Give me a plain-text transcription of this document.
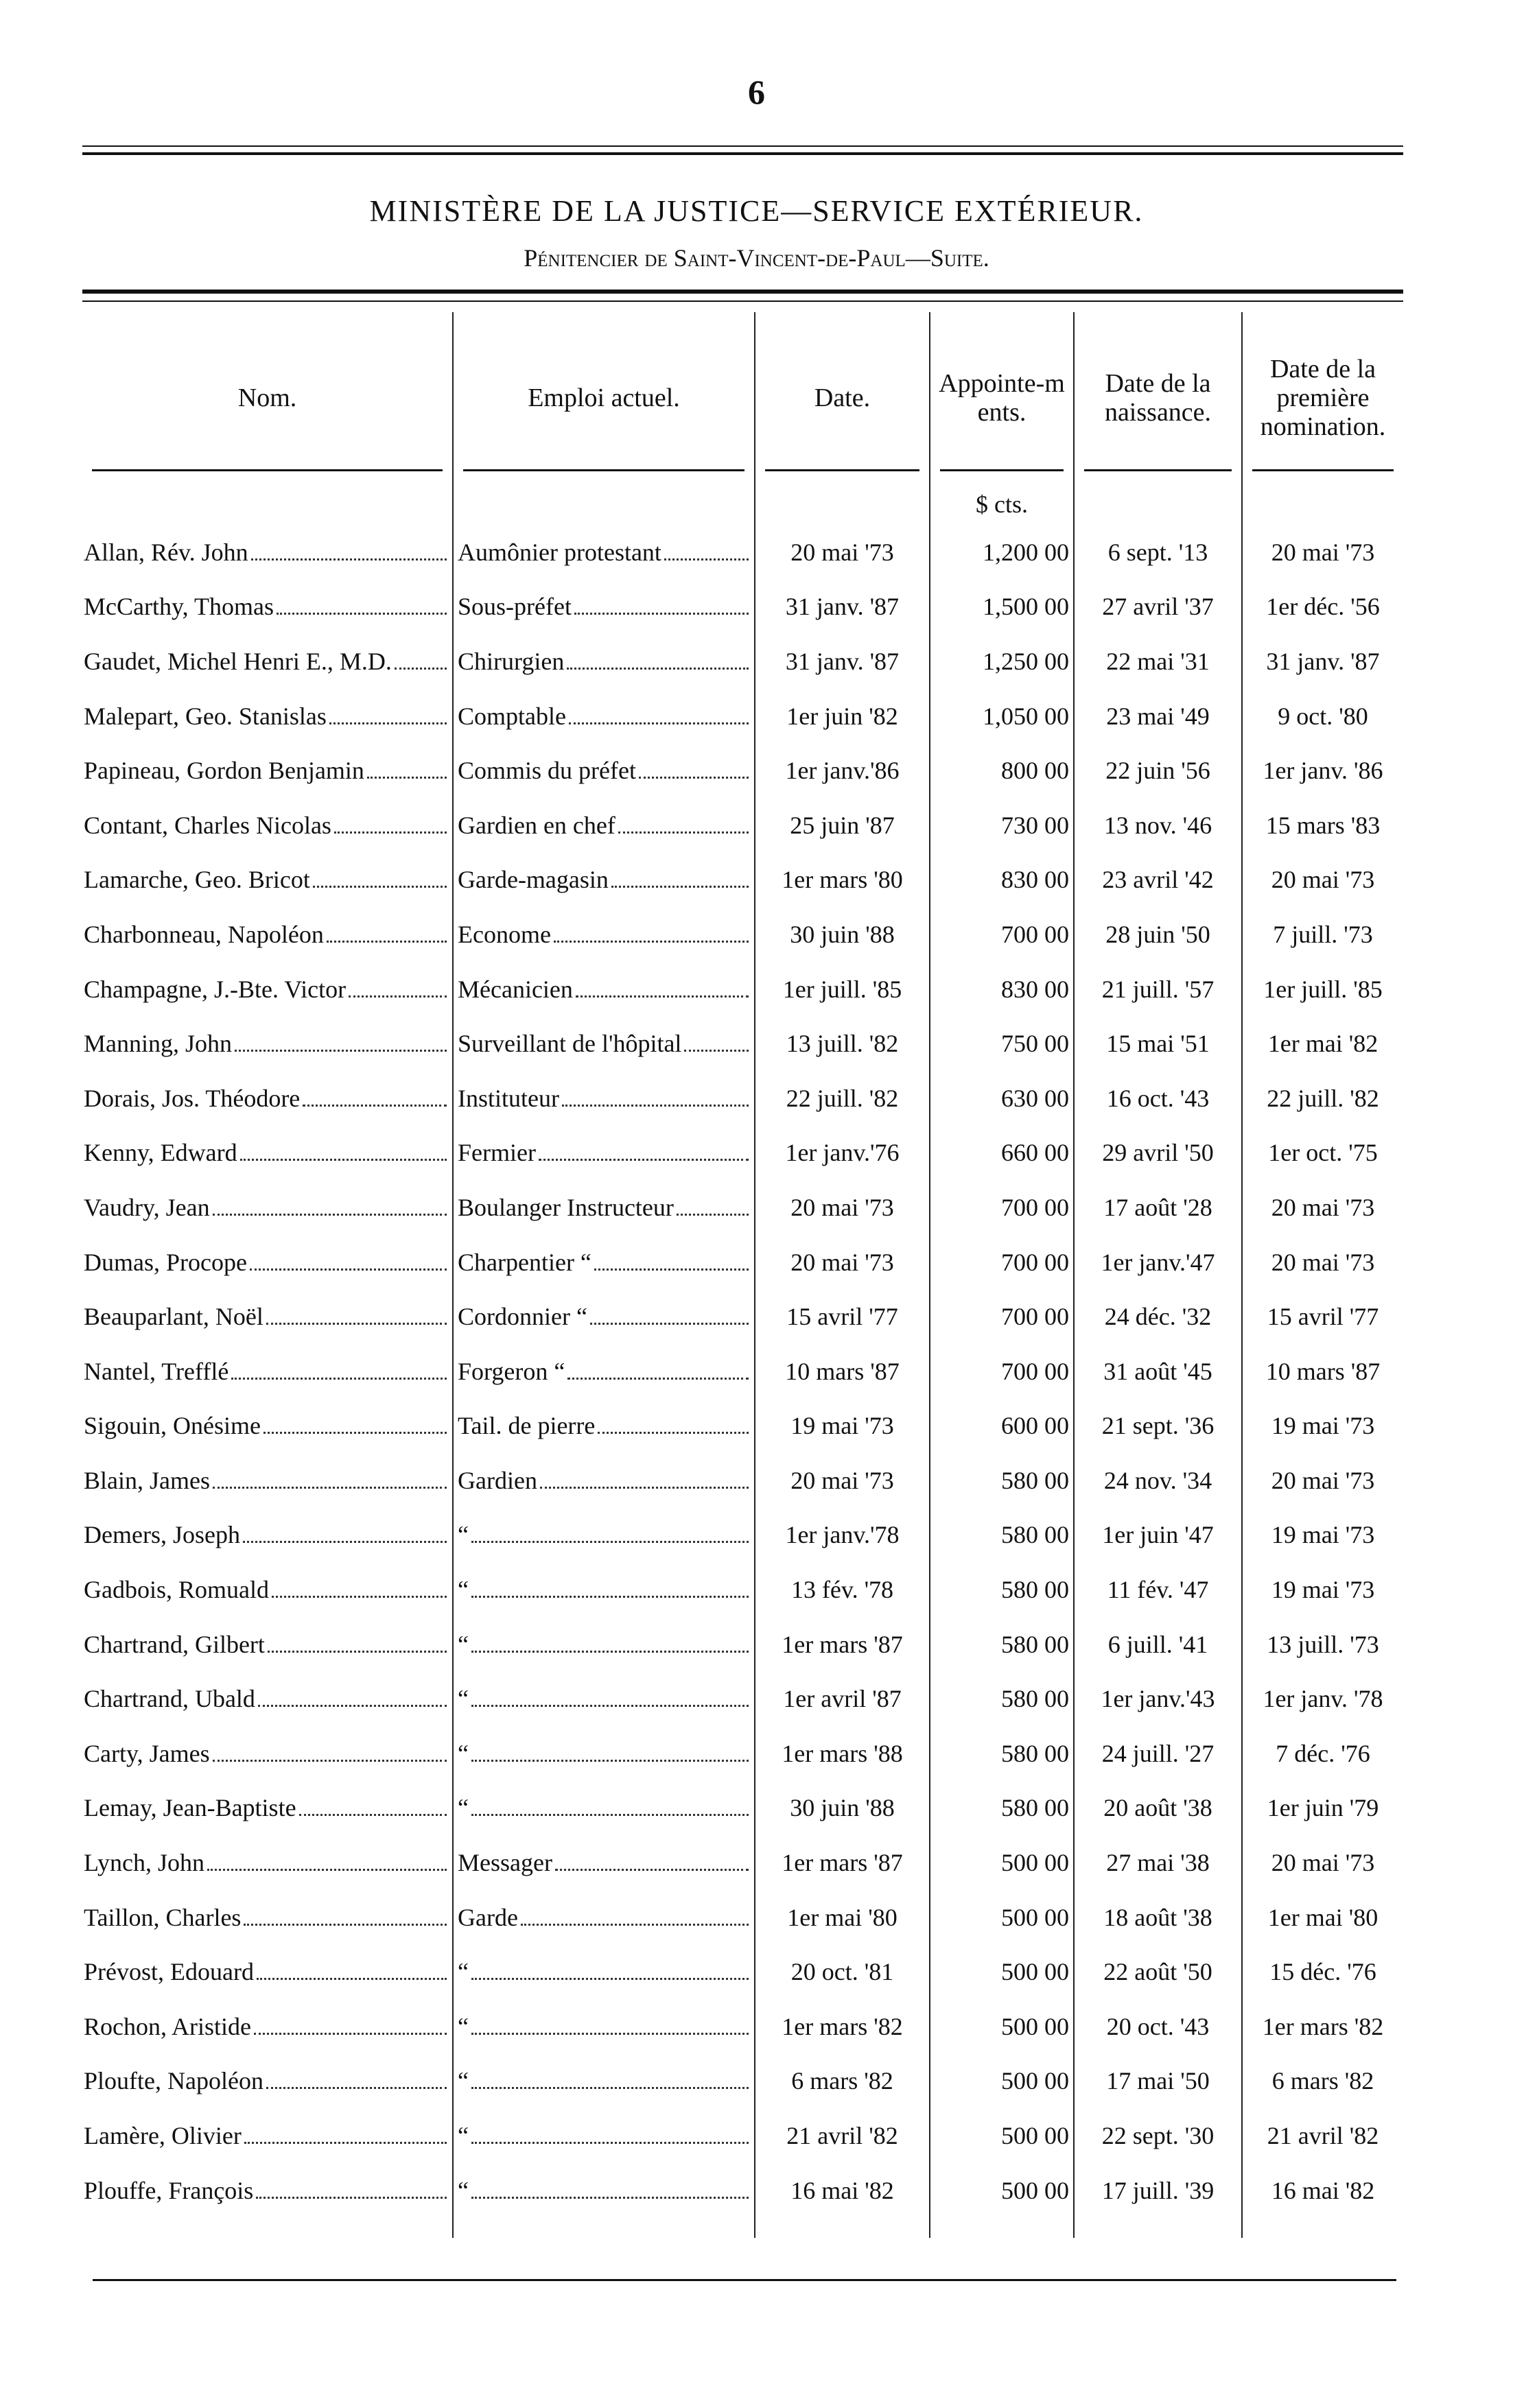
6
MINISTÈRE DE LA JUSTICE—SERVICE EXTÉRIEUR.
Pénitencier de Saint-Vincent-de-Paul—Suite.
Nom.	Emploi actuel.	Date.	Appointe-m ents.	Date de la naissance.	Date de la première nomination.

			$ cts.		

Allan, Rév. John	Aumônier protestant	20 mai '73	1,200 00	6 sept. '13	20 mai '73

McCarthy, Thomas	Sous-préfet	31 janv. '87	1,500 00	27 avril '37	1er déc. '56

Gaudet, Michel Henri E., M.D.	Chirurgien	31 janv. '87	1,250 00	22 mai '31	31 janv. '87

Malepart, Geo. Stanislas	Comptable	1er juin '82	1,050 00	23 mai '49	9 oct. '80

Papineau, Gordon Benjamin	Commis du préfet	1er janv.'86	800 00	22 juin '56	1er janv. '86

Contant, Charles Nicolas	Gardien en chef	25 juin '87	730 00	13 nov. '46	15 mars '83

Lamarche, Geo. Bricot	Garde-magasin	1er mars '80	830 00	23 avril '42	20 mai '73

Charbonneau, Napoléon	Econome	30 juin '88	700 00	28 juin '50	7 juill. '73

Champagne, J.-Bte. Victor	Mécanicien	1er juill. '85	830 00	21 juill. '57	1er juill. '85

Manning, John	Surveillant de l'hôpital	13 juill. '82	750 00	15 mai '51	1er mai '82

Dorais, Jos. Théodore	Instituteur	22 juill. '82	630 00	16 oct. '43	22 juill. '82

Kenny, Edward	Fermier	1er janv.'76	660 00	29 avril '50	1er oct. '75

Vaudry, Jean	Boulanger Instructeur	20 mai '73	700 00	17 août '28	20 mai '73

Dumas, Procope	Charpentier “	20 mai '73	700 00	1er janv.'47	20 mai '73

Beauparlant, Noël	Cordonnier “	15 avril '77	700 00	24 déc. '32	15 avril '77

Nantel, Trefflé	Forgeron “	10 mars '87	700 00	31 août '45	10 mars '87

Sigouin, Onésime	Tail. de pierre	19 mai '73	600 00	21 sept. '36	19 mai '73

Blain, James	Gardien	20 mai '73	580 00	24 nov. '34	20 mai '73

Demers, Joseph	“	1er janv.'78	580 00	1er juin '47	19 mai '73

Gadbois, Romuald	“	13 fév. '78	580 00	11 fév. '47	19 mai '73

Chartrand, Gilbert	“	1er mars '87	580 00	6 juill. '41	13 juill. '73

Chartrand, Ubald	“	1er avril '87	580 00	1er janv.'43	1er janv. '78

Carty, James	“	1er mars '88	580 00	24 juill. '27	7 déc. '76

Lemay, Jean-Baptiste	“	30 juin '88	580 00	20 août '38	1er juin '79

Lynch, John	Messager	1er mars '87	500 00	27 mai '38	20 mai '73

Taillon, Charles	Garde	1er mai '80	500 00	18 août '38	1er mai '80

Prévost, Edouard	“	20 oct. '81	500 00	22 août '50	15 déc. '76

Rochon, Aristide	“	1er mars '82	500 00	20 oct. '43	1er mars '82

Ploufte, Napoléon	“	6 mars '82	500 00	17 mai '50	6 mars '82

Lamère, Olivier	“	21 avril '82	500 00	22 sept. '30	21 avril '82

Plouffe, François	“	16 mai '82	500 00	17 juill. '39	16 mai '82
